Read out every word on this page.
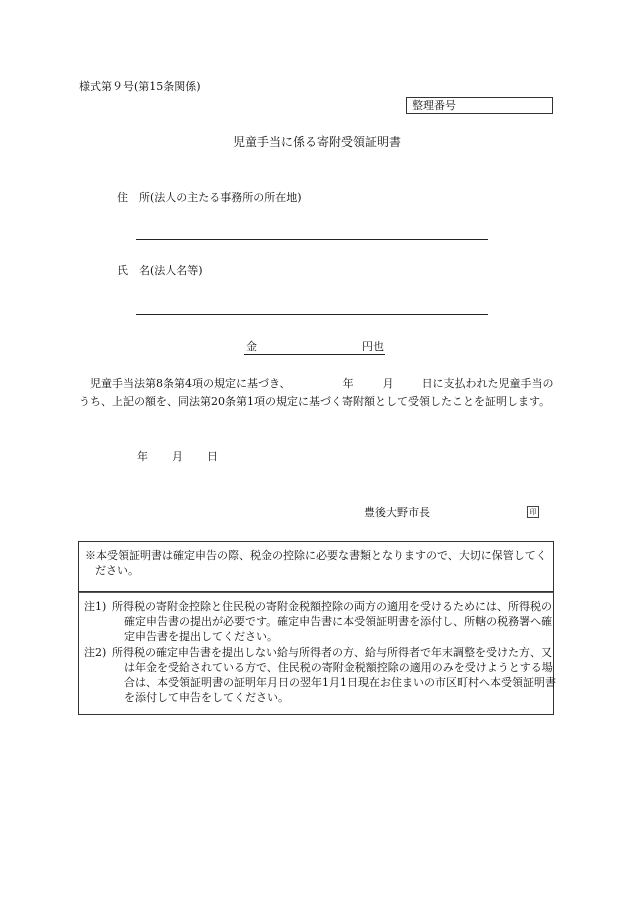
様式第９号(第15条関係)
整理番号
児童手当に係る寄附受領証明書
住　所(法人の主たる事務所の所在地)
氏　名(法人名等)
金	円也
児童手当法第8条第4項の規定に基づき、	年	月	日に支払われた児童手当のうち、上記の額を、同法第20条第1項の規定に基づく寄附額として受領したことを証明します。
年 月 日
豊後大野市長	印
※本受領証明書は確定申告の際、税金の控除に必要な書類となりますので、大切に保管してください。
注1) 所得税の寄附金控除と住民税の寄附金税額控除の両方の適用を受けるためには、所得税の確定申告書の提出が必要です。確定申告書に本受領証明書を添付し、所轄の税務署へ確定申告書を提出してください。
注2) 所得税の確定申告書を提出しない給与所得者の方、給与所得者で年末調整を受けた方、又は年金を受給されている方で、住民税の寄附金税額控除の適用のみを受けようとする場合は、本受領証明書の証明年月日の翌年1月1日現在お住まいの市区町村へ本受領証明書を添付して申告をしてください。
